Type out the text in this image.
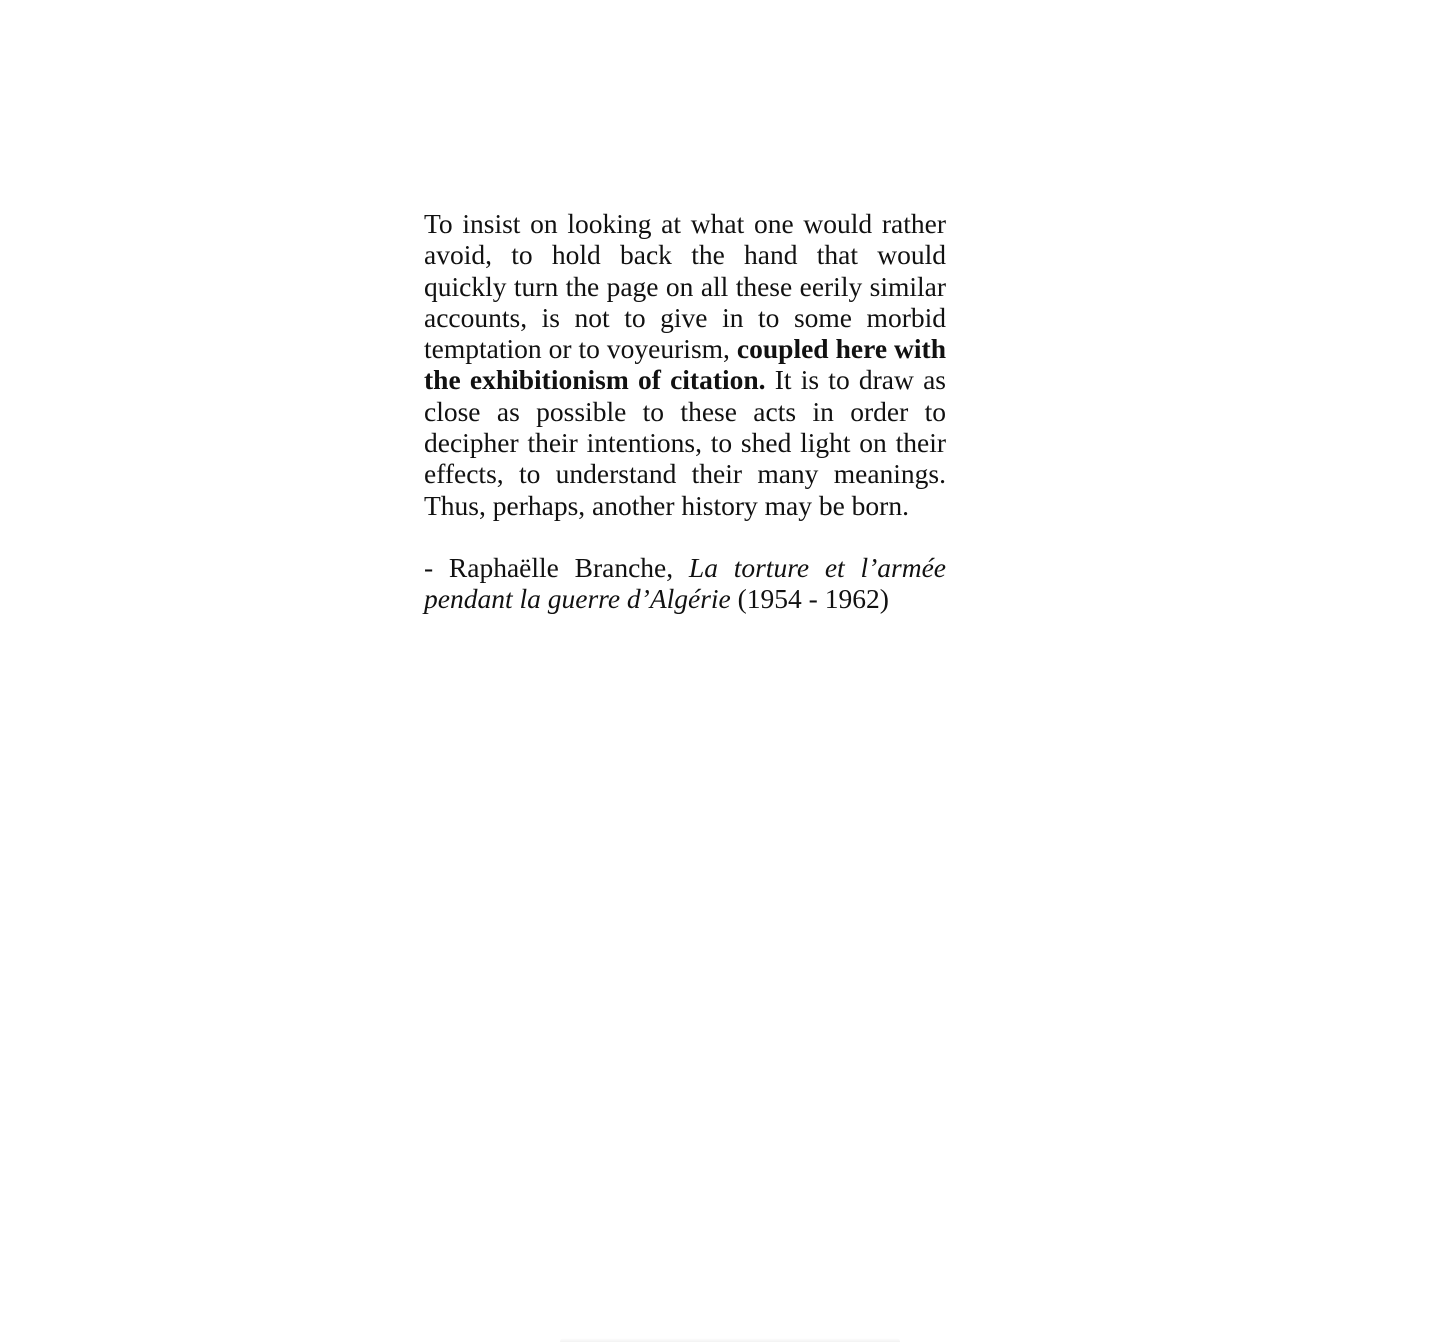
To insist on looking at what one would rather avoid, to hold back the hand that would quickly turn the page on all these eerily similar accounts, is not to give in to some morbid temptation or to voyeurism, coupled here with the exhibitionism of citation. It is to draw as close as possible to these acts in order to decipher their intentions, to shed light on their effects, to understand their many meanings. Thus, perhaps, another history may be born.

- Raphaëlle Branche, La torture et l’armée pendant la guerre d’Algérie (1954 - 1962)
